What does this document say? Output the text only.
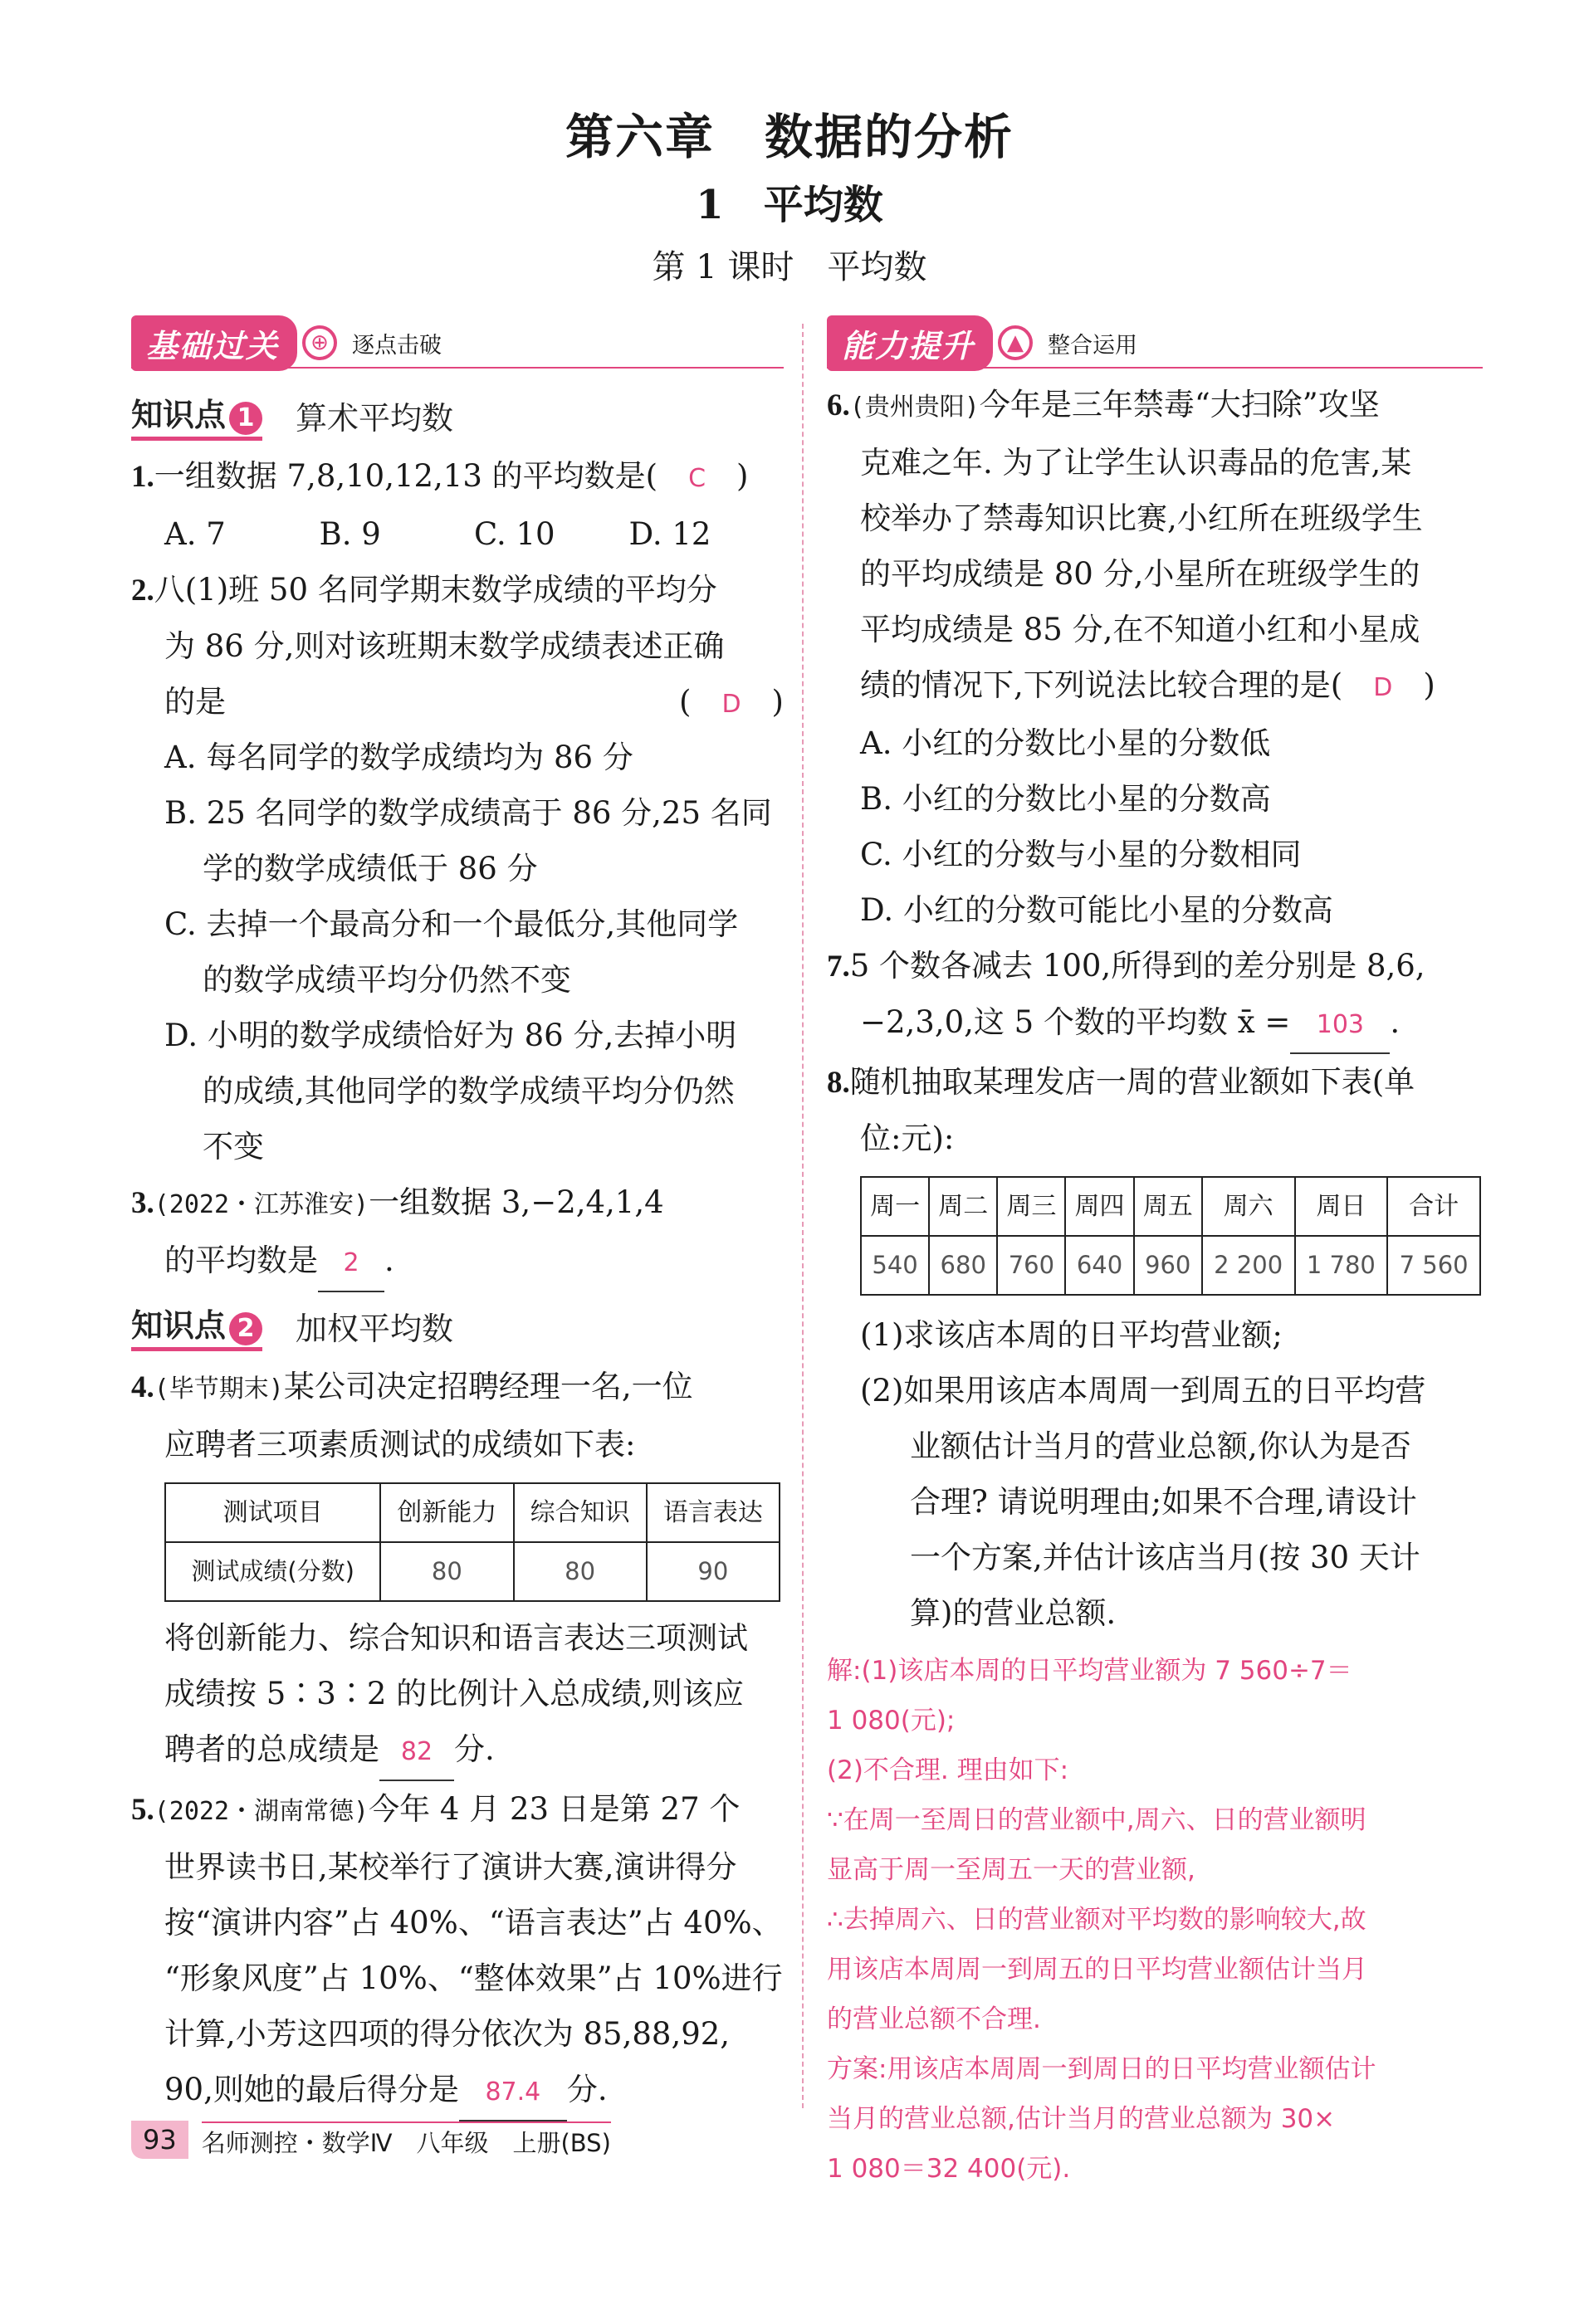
第六章　数据的分析
1　平均数
第 1 课时　平均数
基础过关	⊕	逐点击破
知识点 1 算术平均数
1.一组数据 7,8,10,12,13 的平均数是(　 C　 )
A. 7	B. 9	C. 10	D. 12
2.八(1)班 50 名同学期末数学成绩的平均分
为 86 分,则对该班期末数学成绩表述正确
的是	(　D　)
A. 每名同学的数学成绩均为 86 分
B. 25 名同学的数学成绩高于 86 分,25 名同
学的数学成绩低于 86 分
C. 去掉一个最高分和一个最低分,其他同学
的数学成绩平均分仍然不变
D. 小明的数学成绩恰好为 86 分,去掉小明
的成绩,其他同学的数学成绩平均分仍然
不变
3.(2022・江苏淮安)一组数据 3,−2,4,1,4
的平均数是 2 .
知识点 2 加权平均数
4.(毕节期末)某公司决定招聘经理一名,一位
应聘者三项素质测试的成绩如下表:
测试项目	创新能力	综合知识	语言表达
测试成绩(分数)	80	80	90
将创新能力、综合知识和语言表达三项测试
成绩按 5∶3∶2 的比例计入总成绩,则该应
聘者的总成绩是 82 分.
5.(2022・湖南常德)今年 4 月 23 日是第 27 个
世界读书日,某校举行了演讲大赛,演讲得分
按“演讲内容”占 40%、“语言表达”占 40%、
“形象风度”占 10%、“整体效果”占 10%进行
计算,小芳这四项的得分依次为 85,88,92,
90,则她的最后得分是 87.4 分.
能力提升	▲	整合运用
6.(贵州贵阳)今年是三年禁毒“大扫除”攻坚
克难之年. 为了让学生认识毒品的危害,某
校举办了禁毒知识比赛,小红所在班级学生
的平均成绩是 80 分,小星所在班级学生的
平均成绩是 85 分,在不知道小红和小星成
绩的情况下,下列说法比较合理的是(　 D　 )
A. 小红的分数比小星的分数低
B. 小红的分数比小星的分数高
C. 小红的分数与小星的分数相同
D. 小红的分数可能比小星的分数高
7.5 个数各减去 100,所得到的差分别是 8,6,
−2,3,0,这 5 个数的平均数 x̄ = 103 .
8.随机抽取某理发店一周的营业额如下表(单
位:元):
周一	周二	周三	周四	周五	周六	周日	合计
540	680	760	640	960	2 200	1 780	7 560
(1)求该店本周的日平均营业额;
(2)如果用该店本周周一到周五的日平均营
业额估计当月的营业总额,你认为是否
合理? 请说明理由;如果不合理,请设计
一个方案,并估计该店当月(按 30 天计
算)的营业总额.
解:(1)该店本周的日平均营业额为 7 560÷7＝
1 080(元);
(2)不合理. 理由如下:
∵在周一至周日的营业额中,周六、日的营业额明
显高于周一至周五一天的营业额,
∴去掉周六、日的营业额对平均数的影响较大,故
用该店本周周一到周五的日平均营业额估计当月
的营业总额不合理.
方案:用该店本周周一到周日的日平均营业额估计
当月的营业总额,估计当月的营业总额为 30×
1 080＝32 400(元).
93	名师测控・数学Ⅳ　八年级　上册(BS)
